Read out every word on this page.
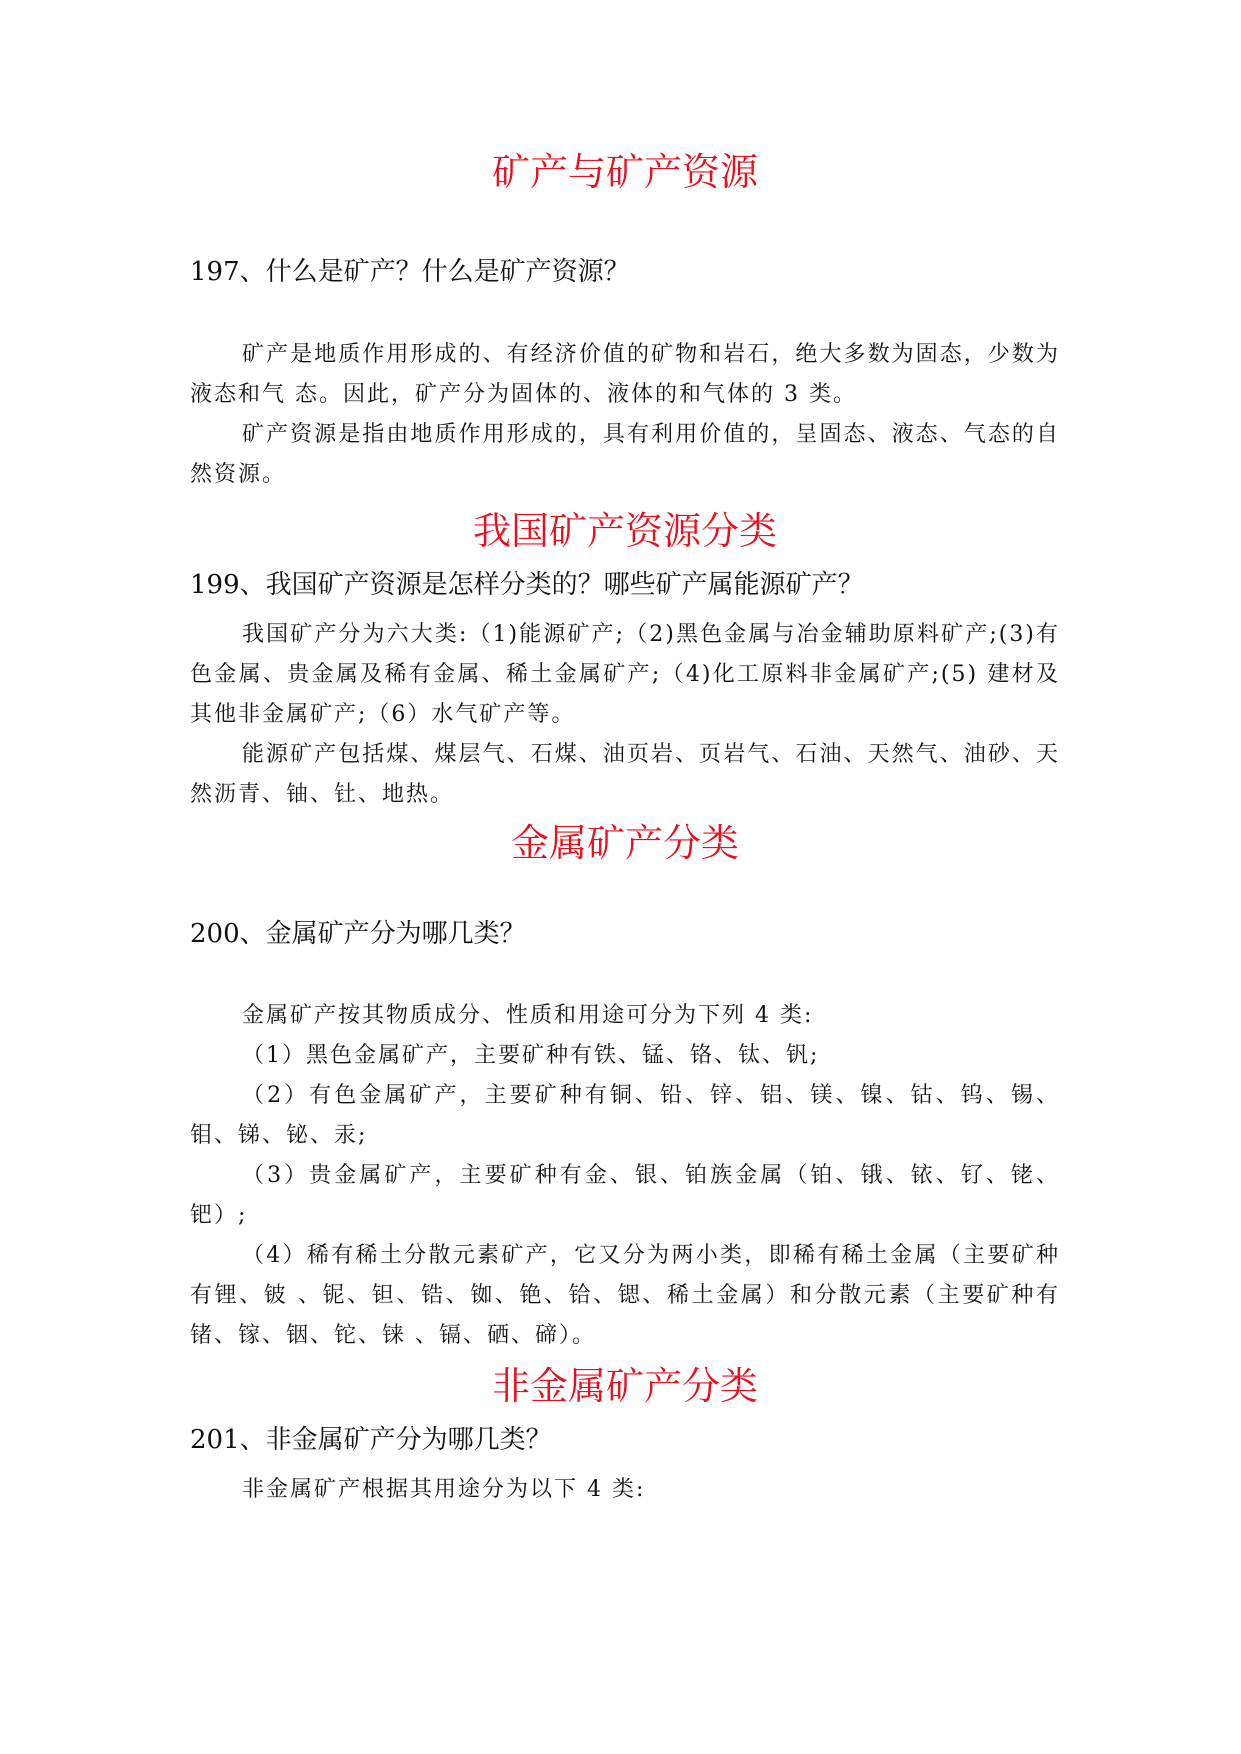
矿产与矿产资源
197、什么是矿产？什么是矿产资源？

矿产是地质作用形成的、有经济价值的矿物和岩石，绝大多数为固态，少数为液态和气 态。因此，矿产分为固体的、液体的和气体的 3 类。

矿产资源是指由地质作用形成的，具有利用价值的，呈固态、液态、气态的自然资源。

我国矿产资源分类
199、我国矿产资源是怎样分类的？哪些矿产属能源矿产？

我国矿产分为六大类:（1)能源矿产;（2)黑色金属与冶金辅助原料矿产;(3)有色金属、贵金属及稀有金属、稀土金属矿产;（4)化工原料非金属矿产;(5) 建材及其他非金属矿产;（6）水气矿产等。

能源矿产包括煤、煤层气、石煤、油页岩、页岩气、石油、天然气、油砂、天然沥青、铀、钍、地热。

金属矿产分类
200、金属矿产分为哪几类？

金属矿产按其物质成分、性质和用途可分为下列 4 类:

（1）黑色金属矿产，主要矿种有铁、锰、铬、钛、钒;

（2）有色金属矿产，主要矿种有铜、铅、锌、铝、镁、镍、钴、钨、锡、钼、锑、铋、汞;

（3）贵金属矿产，主要矿种有金、银、铂族金属（铂、锇、铱、钌、铑、钯）;

（4）稀有稀土分散元素矿产，它又分为两小类，即稀有稀土金属（主要矿种有锂、铍 、铌、钽、锆、铷、铯、铪、锶、稀土金属）和分散元素（主要矿种有锗、镓、铟、铊、铼 、镉、硒、碲）。

非金属矿产分类
201、非金属矿产分为哪几类？

非金属矿产根据其用途分为以下 4 类:
